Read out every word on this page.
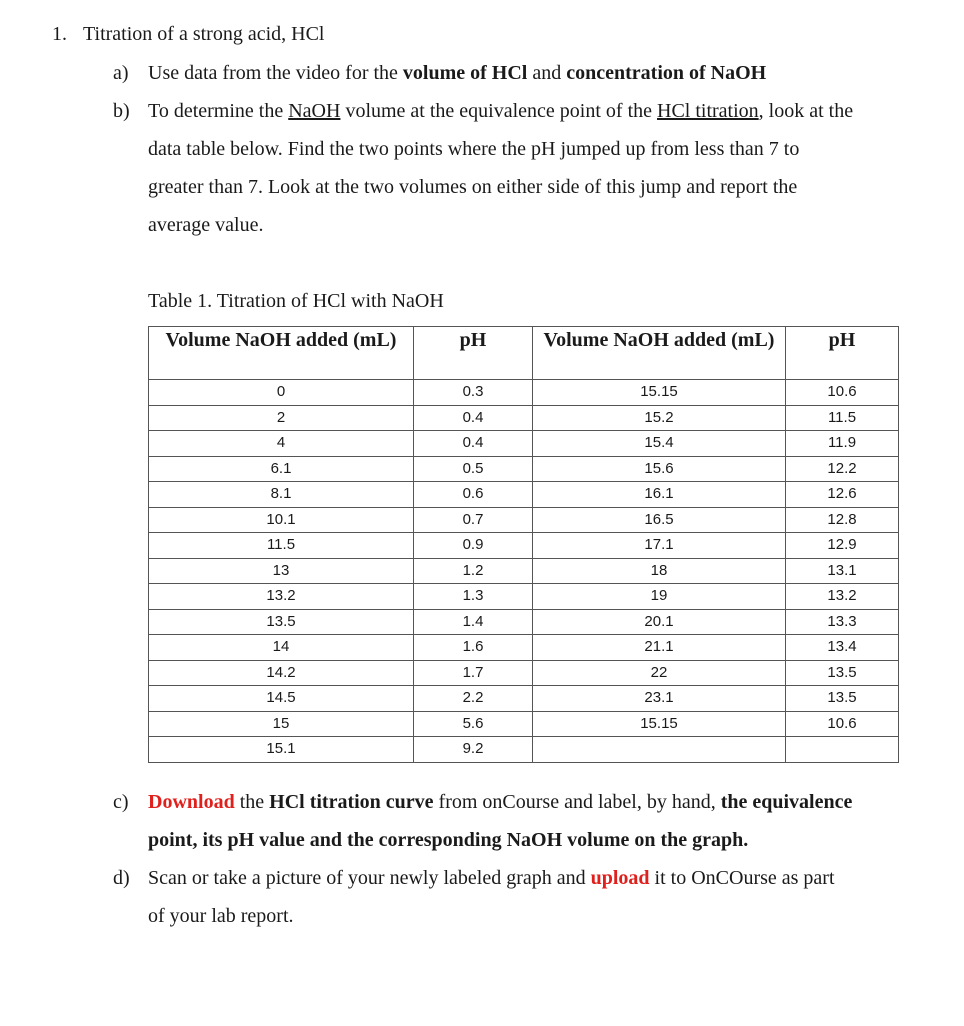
1. Titration of a strong acid, HCl
a) Use data from the video for the volume of HCl and concentration of NaOH
b) To determine the NaOH volume at the equivalence point of the HCl titration, look at the
data table below. Find the two points where the pH jumped up from less than 7 to
greater than 7. Look at the two volumes on either side of this jump and report the
average value.
Table 1. Titration of HCl with NaOH
Volume NaOH added (mL)	pH	Volume NaOH added (mL)	pH
0	0.3	15.15	10.6
2	0.4	15.2	11.5
4	0.4	15.4	11.9
6.1	0.5	15.6	12.2
8.1	0.6	16.1	12.6
10.1	0.7	16.5	12.8
11.5	0.9	17.1	12.9
13	1.2	18	13.1
13.2	1.3	19	13.2
13.5	1.4	20.1	13.3
14	1.6	21.1	13.4
14.2	1.7	22	13.5
14.5	2.2	23.1	13.5
15	5.6	15.15	10.6
15.1	9.2		
c) Download the HCl titration curve from onCourse and label, by hand, the equivalence
point, its pH value and the corresponding NaOH volume on the graph.
d) Scan or take a picture of your newly labeled graph and upload it to OnCOurse as part
of your lab report.
